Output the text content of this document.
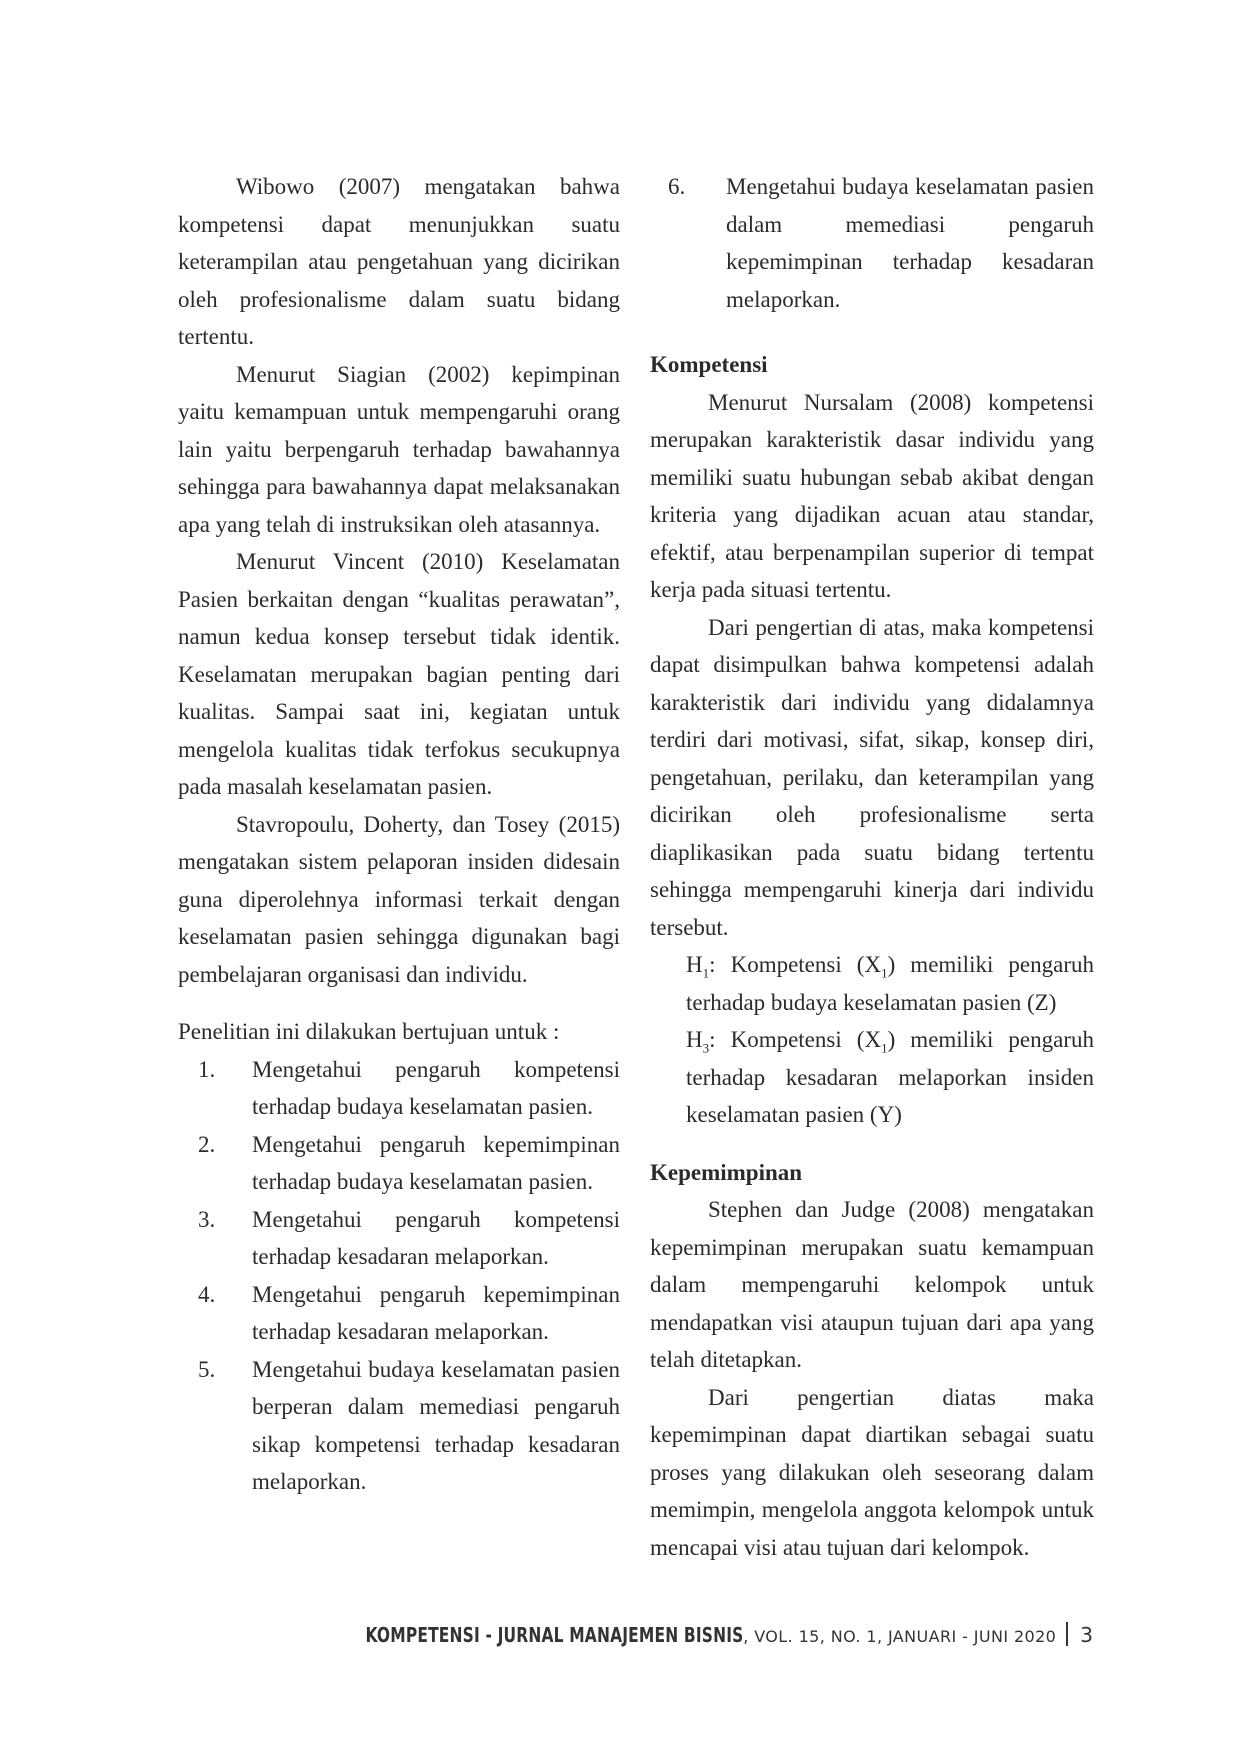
Wibowo (2007) mengatakan bahwa kompetensi dapat menunjukkan suatu keterampilan atau pengetahuan yang dicirikan oleh profesionalisme dalam suatu bidang tertentu.

Menurut Siagian (2002) kepimpinan yaitu kemampuan untuk mempengaruhi orang lain yaitu berpengaruh terhadap bawahannya sehingga para bawahannya dapat melaksanakan apa yang telah di instruksikan oleh atasannya.

Menurut Vincent (2010) Keselamatan Pasien berkaitan dengan “kualitas perawatan”, namun kedua konsep tersebut tidak identik. Keselamatan merupakan bagian penting dari kualitas. Sampai saat ini, kegiatan untuk mengelola kualitas tidak terfokus secukupnya pada masalah keselamatan pasien.

Stavropoulu, Doherty, dan Tosey (2015) mengatakan sistem pelaporan insiden didesain guna diperolehnya informasi terkait dengan keselamatan pasien sehingga digunakan bagi pembelajaran organisasi dan individu.

Penelitian ini dilakukan bertujuan untuk :

1. Mengetahui pengaruh kompetensi terhadap budaya keselamatan pasien.
2. Mengetahui pengaruh kepemimpinan terhadap budaya keselamatan pasien.
3. Mengetahui pengaruh kompetensi terhadap kesadaran melaporkan.
4. Mengetahui pengaruh kepemimpinan terhadap kesadaran melaporkan.
5. Mengetahui budaya keselamatan pasien berperan dalam memediasi pengaruh sikap kompetensi terhadap kesadaran melaporkan.
6. Mengetahui budaya keselamatan pasien dalam memediasi pengaruh kepemimpinan terhadap kesadaran melaporkan.
Kompetensi

Menurut Nursalam (2008) kompetensi merupakan karakteristik dasar individu yang memiliki suatu hubungan sebab akibat dengan kriteria yang dijadikan acuan atau standar, efektif, atau berpenampilan superior di tempat kerja pada situasi tertentu.

Dari pengertian di atas, maka kompetensi dapat disimpulkan bahwa kompetensi adalah karakteristik dari individu yang didalamnya terdiri dari motivasi, sifat, sikap, konsep diri, pengetahuan, perilaku, dan keterampilan yang dicirikan oleh profesionalisme serta diaplikasikan pada suatu bidang tertentu sehingga mempengaruhi kinerja dari individu tersebut.

$H_1$: Kompetensi $(X_1)$ memiliki pengaruh terhadap budaya keselamatan pasien (Z)

$H_3$: Kompetensi $(X_1)$ memiliki pengaruh terhadap kesadaran melaporkan insiden keselamatan pasien (Y)

Kepemimpinan

Stephen dan Judge (2008) mengatakan kepemimpinan merupakan suatu kemampuan dalam mempengaruhi kelompok untuk mendapatkan visi ataupun tujuan dari apa yang telah ditetapkan.

Dari pengertian diatas maka kepemimpinan dapat diartikan sebagai suatu proses yang dilakukan oleh seseorang dalam memimpin, mengelola anggota kelompok untuk mencapai visi atau tujuan dari kelompok.

KOMPETENSI - JURNAL MANAJEMEN BISNIS, VOL. 15, NO. 1, JANUARI - JUNI 2020 3
